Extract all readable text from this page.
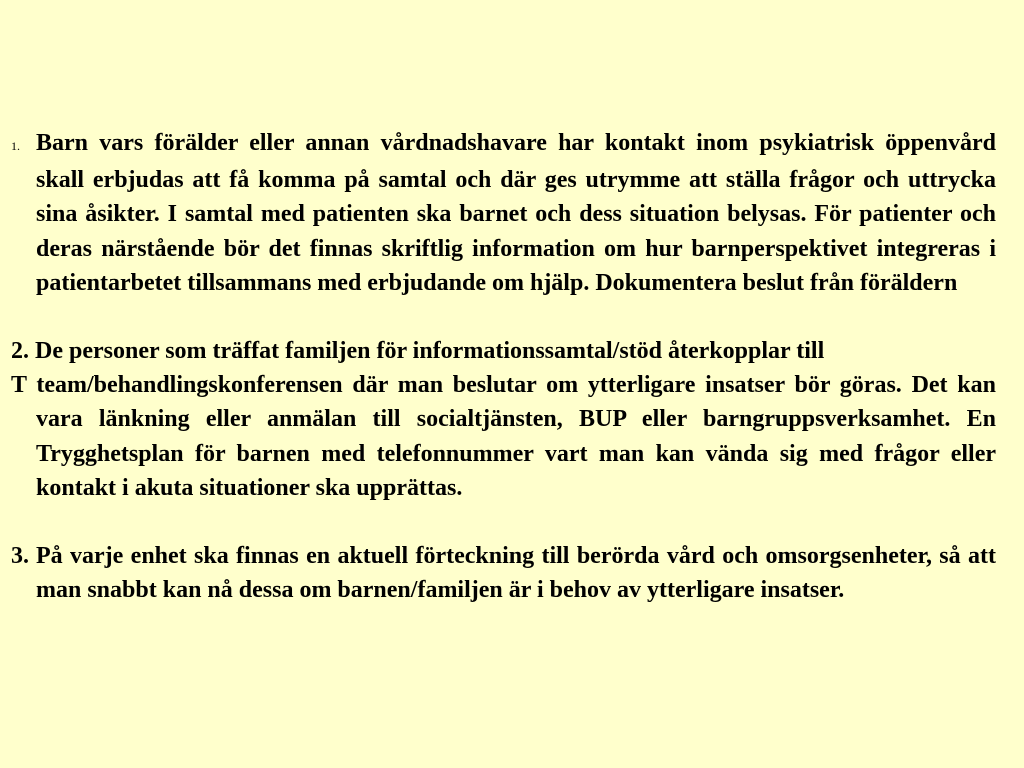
1. Barn vars förälder eller annan vårdnadshavare har kontakt inom psykiatrisk öppenvård skall erbjudas att få komma på samtal och där ges utrymme att ställa frågor och uttrycka sina åsikter. I samtal med patienten ska barnet och dess situation belysas. För patienter och deras närstående bör det finnas skriftlig information om hur barnperspektivet integreras i patientarbetet tillsammans med erbjudande om hjälp. Dokumentera beslut från föräldern

2. De personer som träffat familjen för informationssamtal/stöd återkopplar till

T team/behandlingskonferensen där man beslutar om ytterligare insatser bör göras. Det kan vara länkning eller anmälan till socialtjänsten, BUP eller barngruppsverksamhet. En Trygghetsplan för barnen med telefonnummer vart man kan vända sig med frågor eller kontakt i akuta situationer ska upprättas.

3. På varje enhet ska finnas en aktuell förteckning till berörda vård och omsorgsenheter, så att man snabbt kan nå dessa om barnen/familjen är i behov av ytterligare insatser.
